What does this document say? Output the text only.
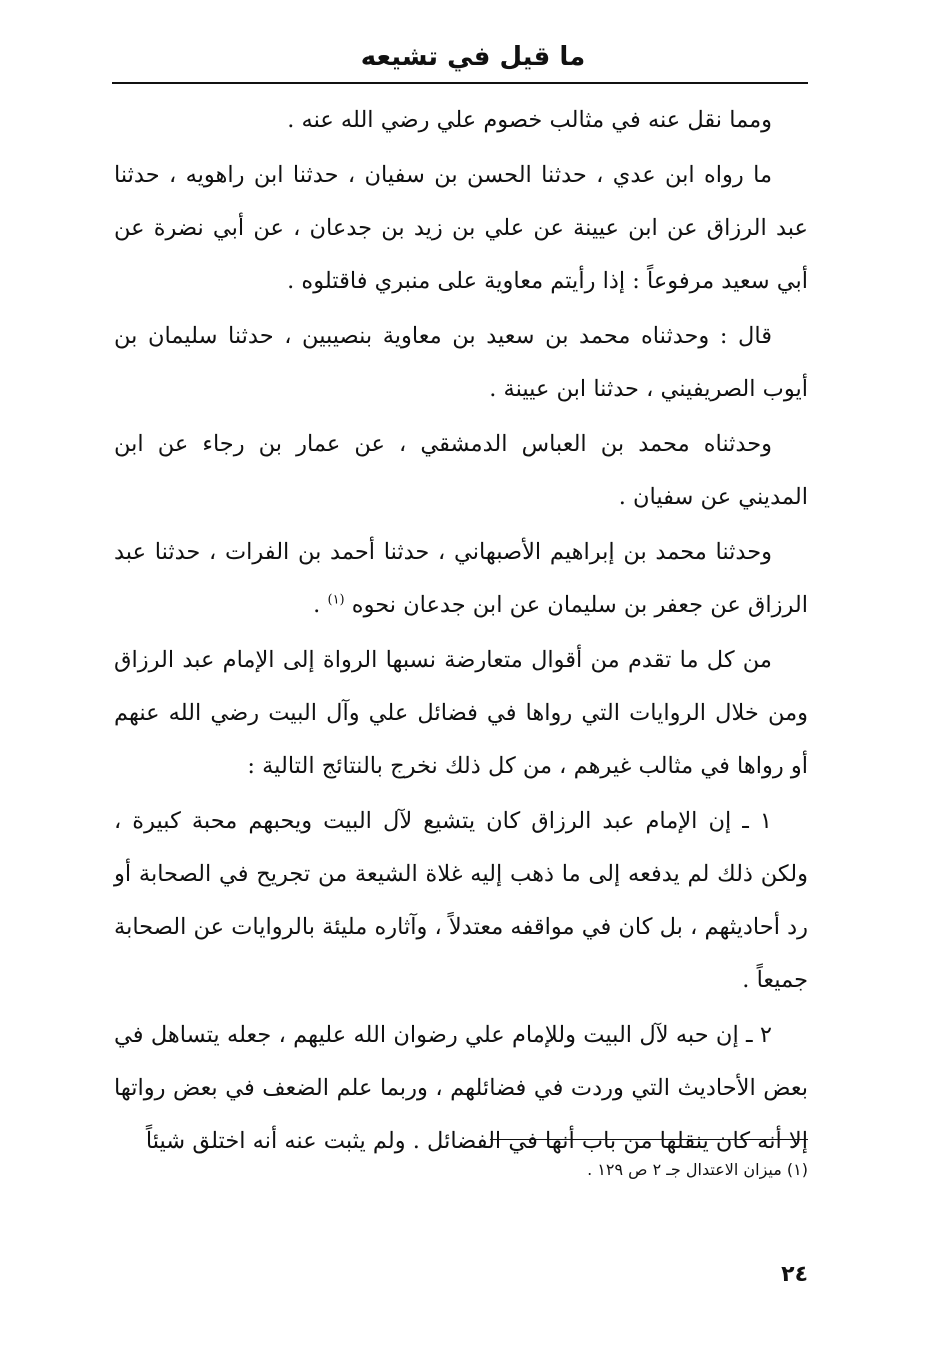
ما قيل في تشيعه

ومما نقل عنه في مثالب خصوم علي رضي الله عنه .

ما رواه ابن عدي ، حدثنا الحسن بن سفيان ، حدثنا ابن راهويه ، حدثنا عبد الرزاق عن ابن عيينة عن علي بن زيد بن جدعان ، عن أبي نضرة عن أبي سعيد مرفوعاً : إذا رأيتم معاوية على منبري فاقتلوه .

قال : وحدثناه محمد بن سعيد بن معاوية بنصيبين ، حدثنا سليمان بن أيوب الصريفيني ، حدثنا ابن عيينة .

وحدثناه محمد بن العباس الدمشقي ، عن عمار بن رجاء عن ابن المديني عن سفيان .

وحدثنا محمد بن إبراهيم الأصبهاني ، حدثنا أحمد بن الفرات ، حدثنا عبد الرزاق عن جعفر بن سليمان عن ابن جدعان نحوه $^{(١)}$ .

من كل ما تقدم من أقوال متعارضة نسبها الرواة إلى الإمام عبد الرزاق ومن خلال الروايات التي رواها في فضائل علي وآل البيت رضي الله عنهم أو رواها في مثالب غيرهم ، من كل ذلك نخرج بالنتائج التالية :

١ ـ إن الإمام عبد الرزاق كان يتشيع لآل البيت ويحبهم محبة كبيرة ، ولكن ذلك لم يدفعه إلى ما ذهب إليه غلاة الشيعة من تجريح في الصحابة أو رد أحاديثهم ، بل كان في مواقفه معتدلاً ، وآثاره مليئة بالروايات عن الصحابة جميعاً .

٢ ـ إن حبه لآل البيت وللإمام علي رضوان الله عليهم ، جعله يتساهل في بعض الأحاديث التي وردت في فضائلهم ، وربما علم الضعف في بعض رواتها إلا أنه كان ينقلها من باب أنها في الفضائل . ولم يثبت عنه أنه اختلق شيئاً

(١) ميزان الاعتدال جـ ٢ ص ١٢٩ .
٢٤
